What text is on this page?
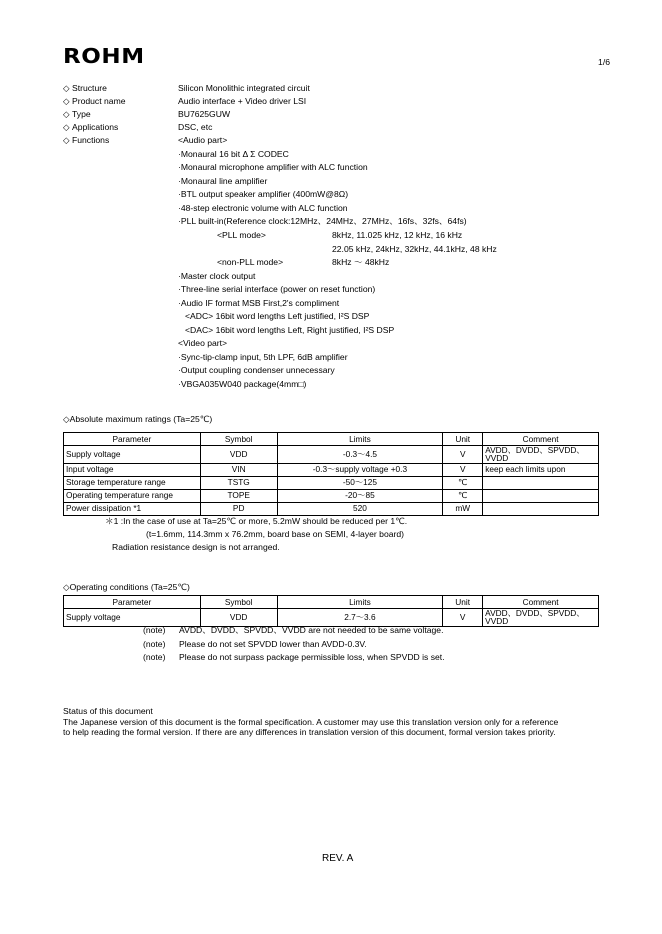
ROHM	1/6
◇ Structure	Silicon Monolithic integrated circuit
◇ Product name	Audio interface + Video driver LSI
◇ Type	BU7625GUW
◇ Applications	DSC, etc
◇ Functions	<Audio part>
·Monaural 16 bit Δ Σ CODEC
·Monaural microphone amplifier with ALC function
·Monaural line amplifier
·BTL output speaker amplifier (400mW@8Ω)
·48-step electronic volume with ALC function
·PLL built-in(Reference clock:12MHz、24MHz、27MHz、16fs、32fs、64fs)
<PLL mode>	8kHz, 11.025 kHz, 12 kHz, 16 kHz
22.05 kHz, 24kHz, 32kHz, 44.1kHz, 48 kHz
<non-PLL mode>	8kHz ～ 48kHz
·Master clock output
·Three-line serial interface (power on reset function)
·Audio IF format MSB First,2's compliment
<ADC> 16bit word lengths Left justified, I²S DSP
<DAC> 16bit word lengths Left, Right justified, I²S DSP
<Video part>
·Sync-tip-clamp input, 5th LPF, 6dB amplifier
·Output coupling condenser unnecessary
·VBGA035W040 package(4mm□)
◇Absolute maximum ratings (Ta=25℃)
Parameter	Symbol	Limits	Unit	Comment
Supply voltage	VDD	-0.3～4.5	V	AVDD、DVDD、SPVDD、VVDD
Input voltage	VIN	-0.3～supply voltage +0.3	V	keep each limits upon
Storage temperature range	TSTG	-50～125	℃	
Operating temperature range	TOPE	-20～85	℃	
Power dissipation *1	PD	520	mW	
＊1 :In the case of use at Ta=25℃ or more, 5.2mW should be reduced per 1℃.
(t=1.6mm, 114.3mm x 76.2mm, board base on SEMI, 4-layer board)
Radiation resistance design is not arranged.
◇Operating conditions (Ta=25℃)
Parameter	Symbol	Limits	Unit	Comment
Supply voltage	VDD	2.7～3.6	V	AVDD、DVDD、SPVDD、VVDD
(note) AVDD、DVDD、SPVDD、VVDD are not needed to be same voltage.
(note) Please do not set SPVDD lower than AVDD-0.3V.
(note) Please do not surpass package permissible loss, when SPVDD is set.
Status of this document
The Japanese version of this document is the formal specification. A customer may use this translation version only for a reference
to help reading the formal version. If there are any differences in translation version of this document, formal version takes priority.
REV. A
